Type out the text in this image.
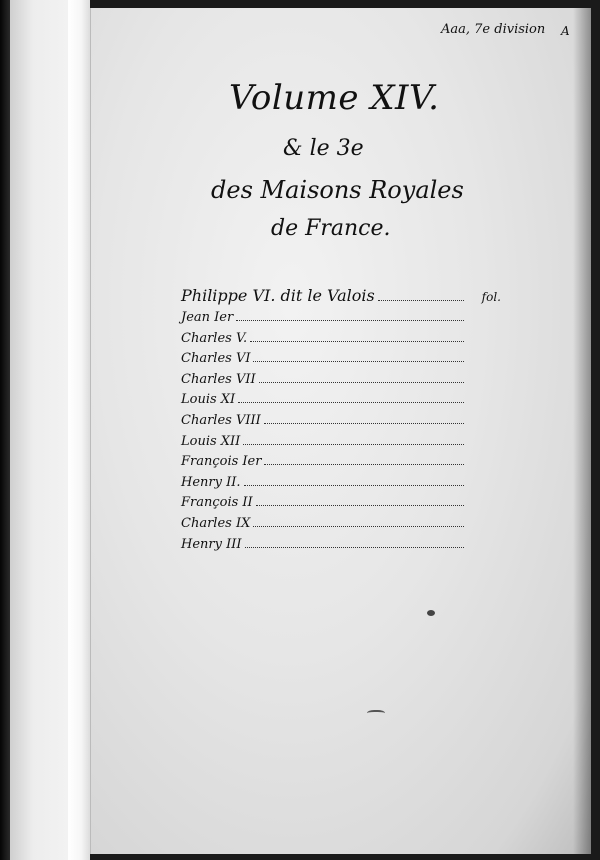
Aaa, 7e division A
Volume XIV.
& le 3e
des Maisons Royales
de France.
Philippe VI. dit le Valois	fol.
Jean Ier
Charles V.
Charles VI
Charles VII
Louis XI
Charles VIII
Louis XII
François Ier
Henry II.
François II
Charles IX
Henry III
